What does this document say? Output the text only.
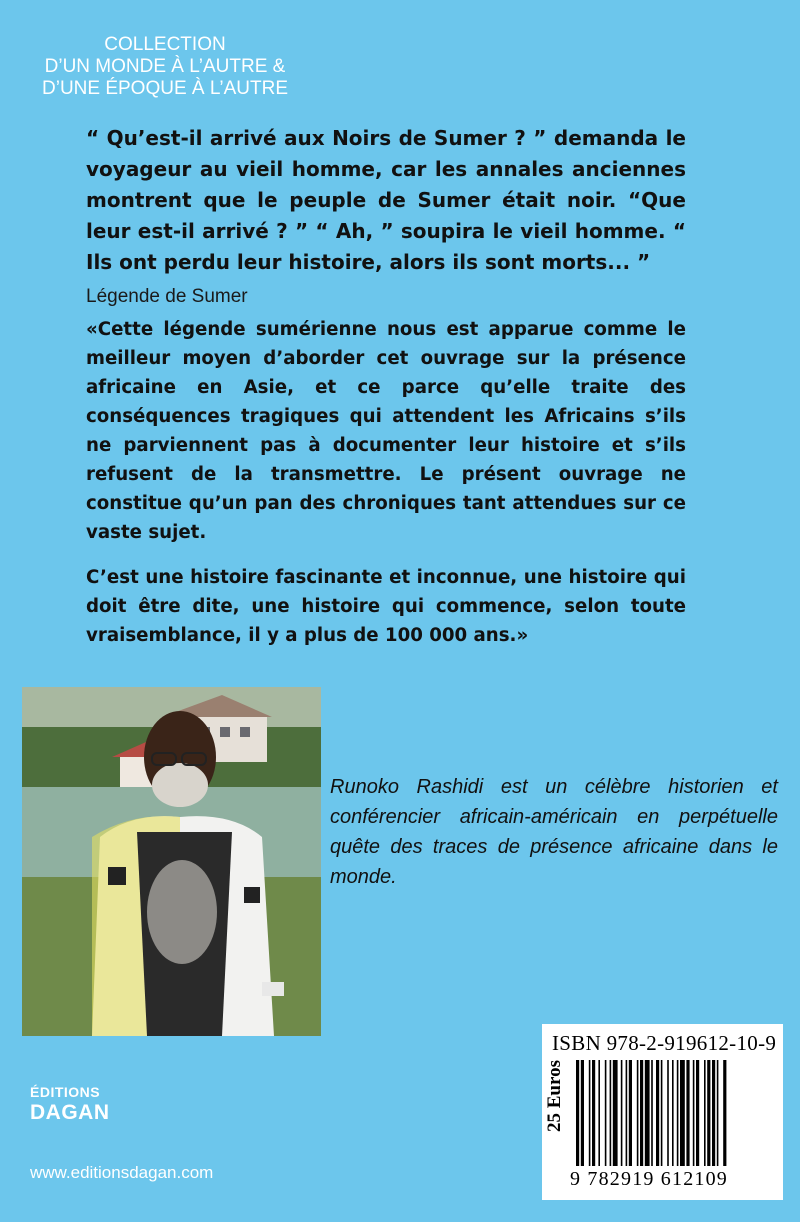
COLLECTION
D’UN MONDE À L’AUTRE &
D’UNE ÉPOQUE À L’AUTRE
“ Qu’est-il arrivé aux Noirs de Sumer ? ” demanda le voyageur au vieil homme, car les annales anciennes montrent que le peuple de Sumer était noir. “Que leur est-il arrivé ? ” “ Ah, ” soupira le vieil homme. “ Ils ont perdu leur histoire, alors ils sont morts... ”
Légende de Sumer
«Cette légende sumérienne nous est apparue comme le meilleur moyen d’aborder cet ouvrage sur la présence africaine en Asie, et ce parce qu’elle traite des conséquences tragiques qui attendent les Africains s’ils ne parviennent pas à documenter leur histoire et s’ils refusent de la transmettre. Le présent ouvrage ne constitue qu’un pan des chroniques tant attendues sur ce vaste sujet.
C’est une histoire fascinante et inconnue, une histoire qui doit être dite, une histoire qui commence, selon toute vraisemblance, il y a plus de 100 000 ans.»
Runoko Rashidi est un célèbre historien et conférencier africain-américain en perpétuelle quête des traces de présence africaine dans le monde.
ISBN 978-2-919612-10-9
25 Euros
9 782919 612109
ÉDITIONS
DAGAN
www.editionsdagan.com
